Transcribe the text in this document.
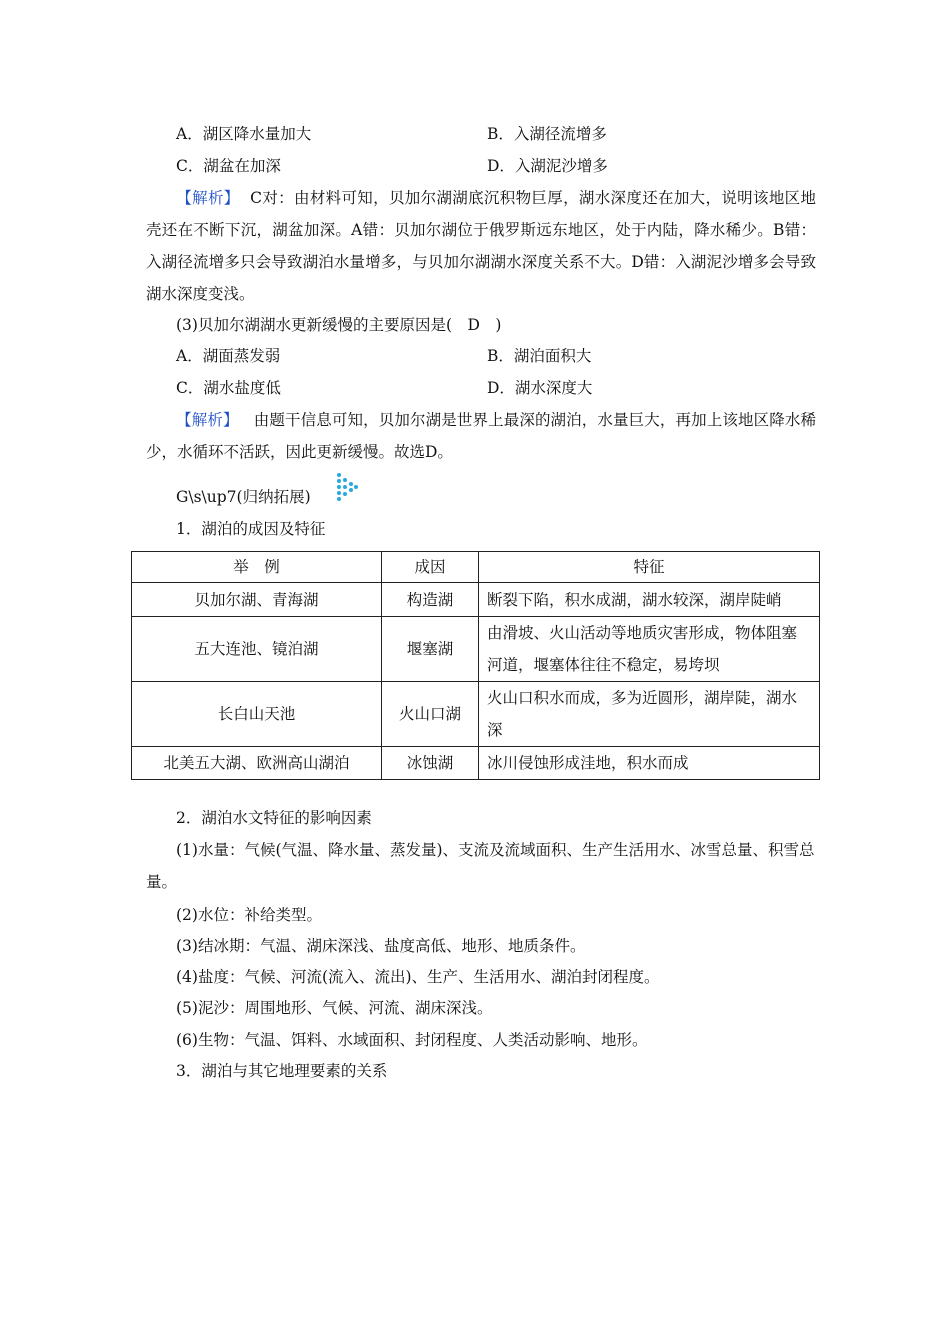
A．湖区降水量加大	B．入湖径流增多
C．湖盆在加深	D．入湖泥沙增多
【解析】 C对：由材料可知，贝加尔湖湖底沉积物巨厚，湖水深度还在加大，说明该地区地壳还在不断下沉，湖盆加深。A错：贝加尔湖位于俄罗斯远东地区，处于内陆，降水稀少。B错：入湖径流增多只会导致湖泊水量增多，与贝加尔湖湖水深度关系不大。D错：入湖泥沙增多会导致湖水深度变浅。
(3)贝加尔湖湖水更新缓慢的主要原因是(　D　)
A．湖面蒸发弱	B．湖泊面积大
C．湖水盐度低	D．湖水深度大
【解析】 由题干信息可知，贝加尔湖是世界上最深的湖泊，水量巨大，再加上该地区降水稀少，水循环不活跃，因此更新缓慢。故选D。
G\s\up7(归纳拓展)
1．湖泊的成因及特征
举　例	成因	特征
贝加尔湖、青海湖	构造湖	断裂下陷，积水成湖，湖水较深，湖岸陡峭
五大连池、镜泊湖	堰塞湖	由滑坡、火山活动等地质灾害形成，物体阻塞河道，堰塞体往往不稳定，易垮坝
长白山天池	火山口湖	火山口积水而成，多为近圆形，湖岸陡，湖水深
北美五大湖、欧洲高山湖泊	冰蚀湖	冰川侵蚀形成洼地，积水而成
2．湖泊水文特征的影响因素
(1)水量：气候(气温、降水量、蒸发量)、支流及流域面积、生产生活用水、冰雪总量、积雪总量。
(2)水位：补给类型。
(3)结冰期：气温、湖床深浅、盐度高低、地形、地质条件。
(4)盐度：气候、河流(流入、流出)、生产、生活用水、湖泊封闭程度。
(5)泥沙：周围地形、气候、河流、湖床深浅。
(6)生物：气温、饵料、水域面积、封闭程度、人类活动影响、地形。
3．湖泊与其它地理要素的关系
